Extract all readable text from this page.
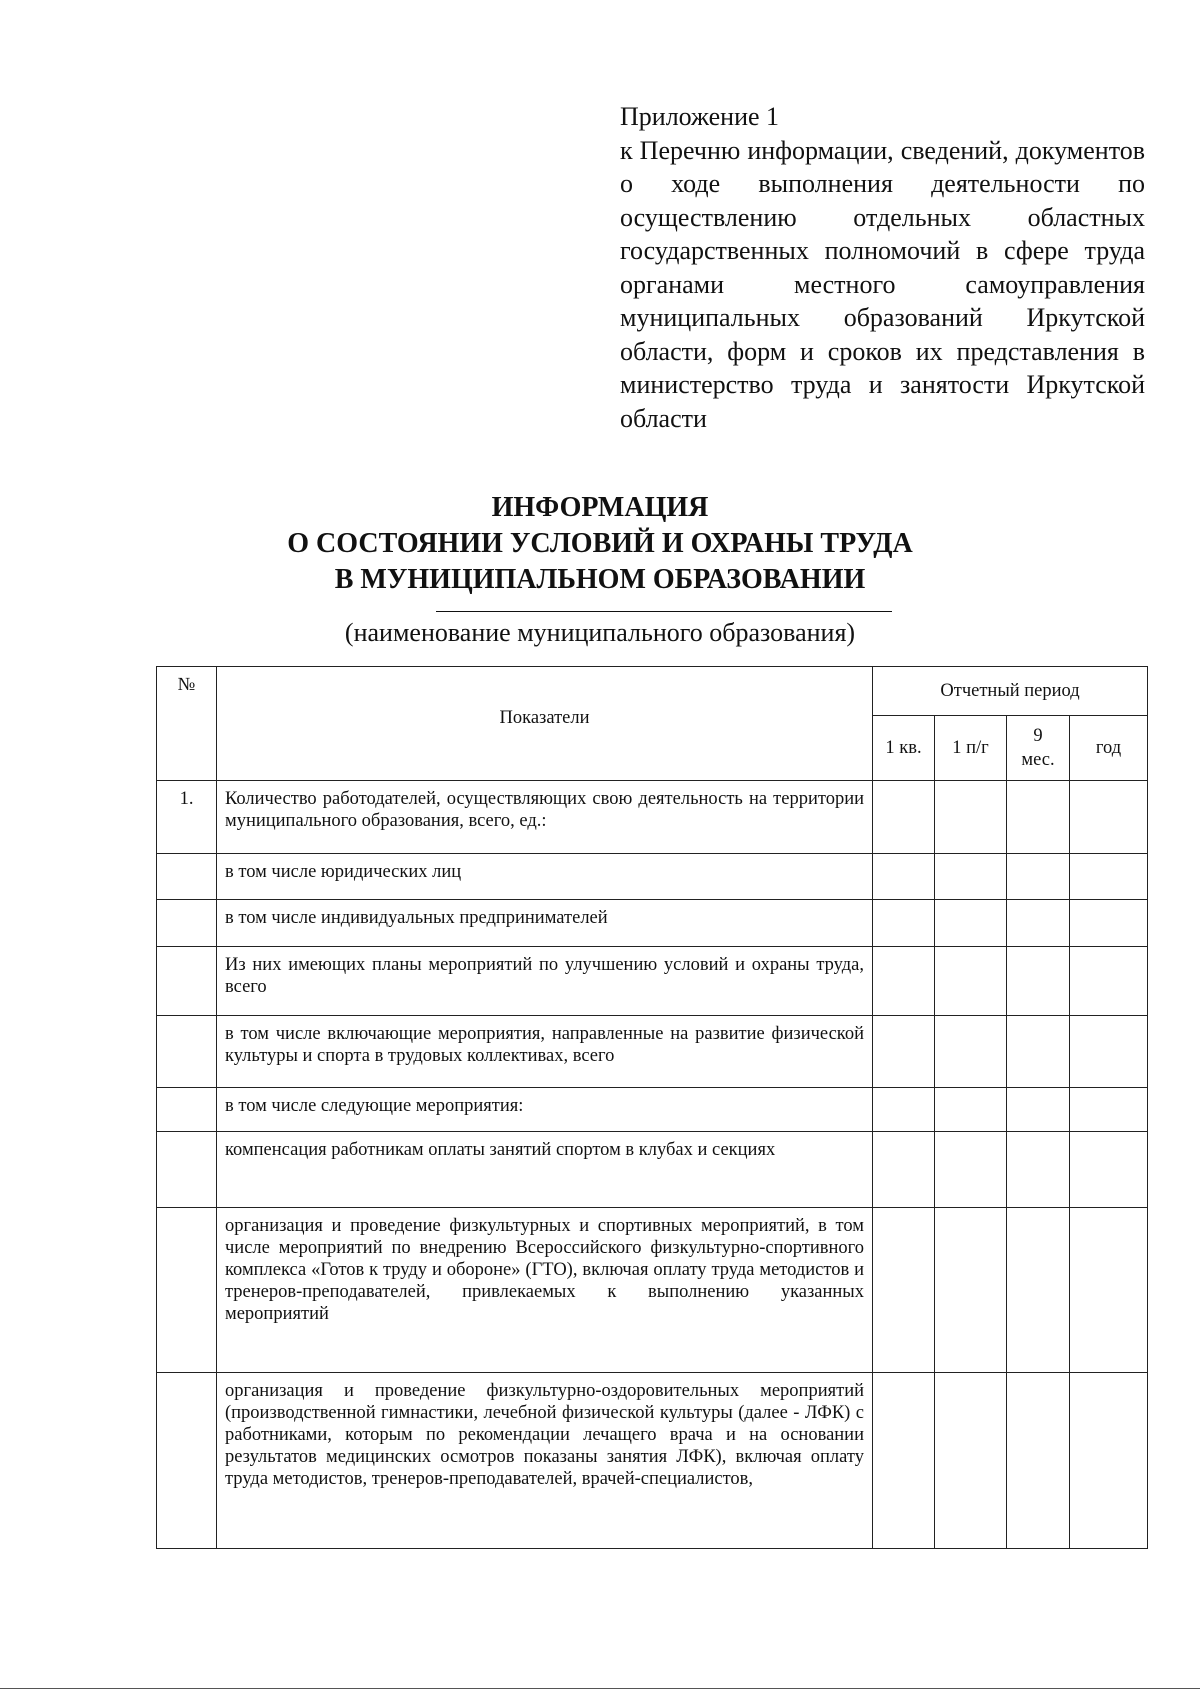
Приложение 1
к Перечню информации, сведений, документов о ходе выполнения деятельности по осуществлению отдельных областных государственных полномочий в сфере труда органами местного самоуправления муниципальных образований Иркутской области, форм и сроков их представления в министерство труда и занятости Иркутской области
ИНФОРМАЦИЯ
О СОСТОЯНИИ УСЛОВИЙ И ОХРАНЫ ТРУДА
В МУНИЦИПАЛЬНОМ ОБРАЗОВАНИИ
(наименование муниципального образования)
№	Показатели	Отчетный период			
		1 кв.	1 п/г	9 мес.	год
1.	Количество работодателей, осуществляющих свою деятельность на территории муниципального образования, всего, ед.:				
	в том числе юридических лиц				
	в том числе индивидуальных предпринимателей				
	Из них имеющих планы мероприятий по улучшению условий и охраны труда, всего				
	в том числе включающие мероприятия, направленные на развитие физической культуры и спорта в трудовых коллективах, всего				
	в том числе следующие мероприятия:				
	компенсация работникам оплаты занятий спортом в клубах и секциях				
	организация и проведение физкультурных и спортивных мероприятий, в том числе мероприятий по внедрению Всероссийского физкультурно-спортивного комплекса «Готов к труду и обороне» (ГТО), включая оплату труда методистов и тренеров-преподавателей, привлекаемых к выполнению указанных мероприятий				
	организация и проведение физкультурно-оздоровительных мероприятий (производственной гимнастики, лечебной физической культуры (далее - ЛФК) с работниками, которым по рекомендации лечащего врача и на основании результатов медицинских осмотров показаны занятия ЛФК), включая оплату труда методистов, тренеров-преподавателей, врачей-специалистов,				
